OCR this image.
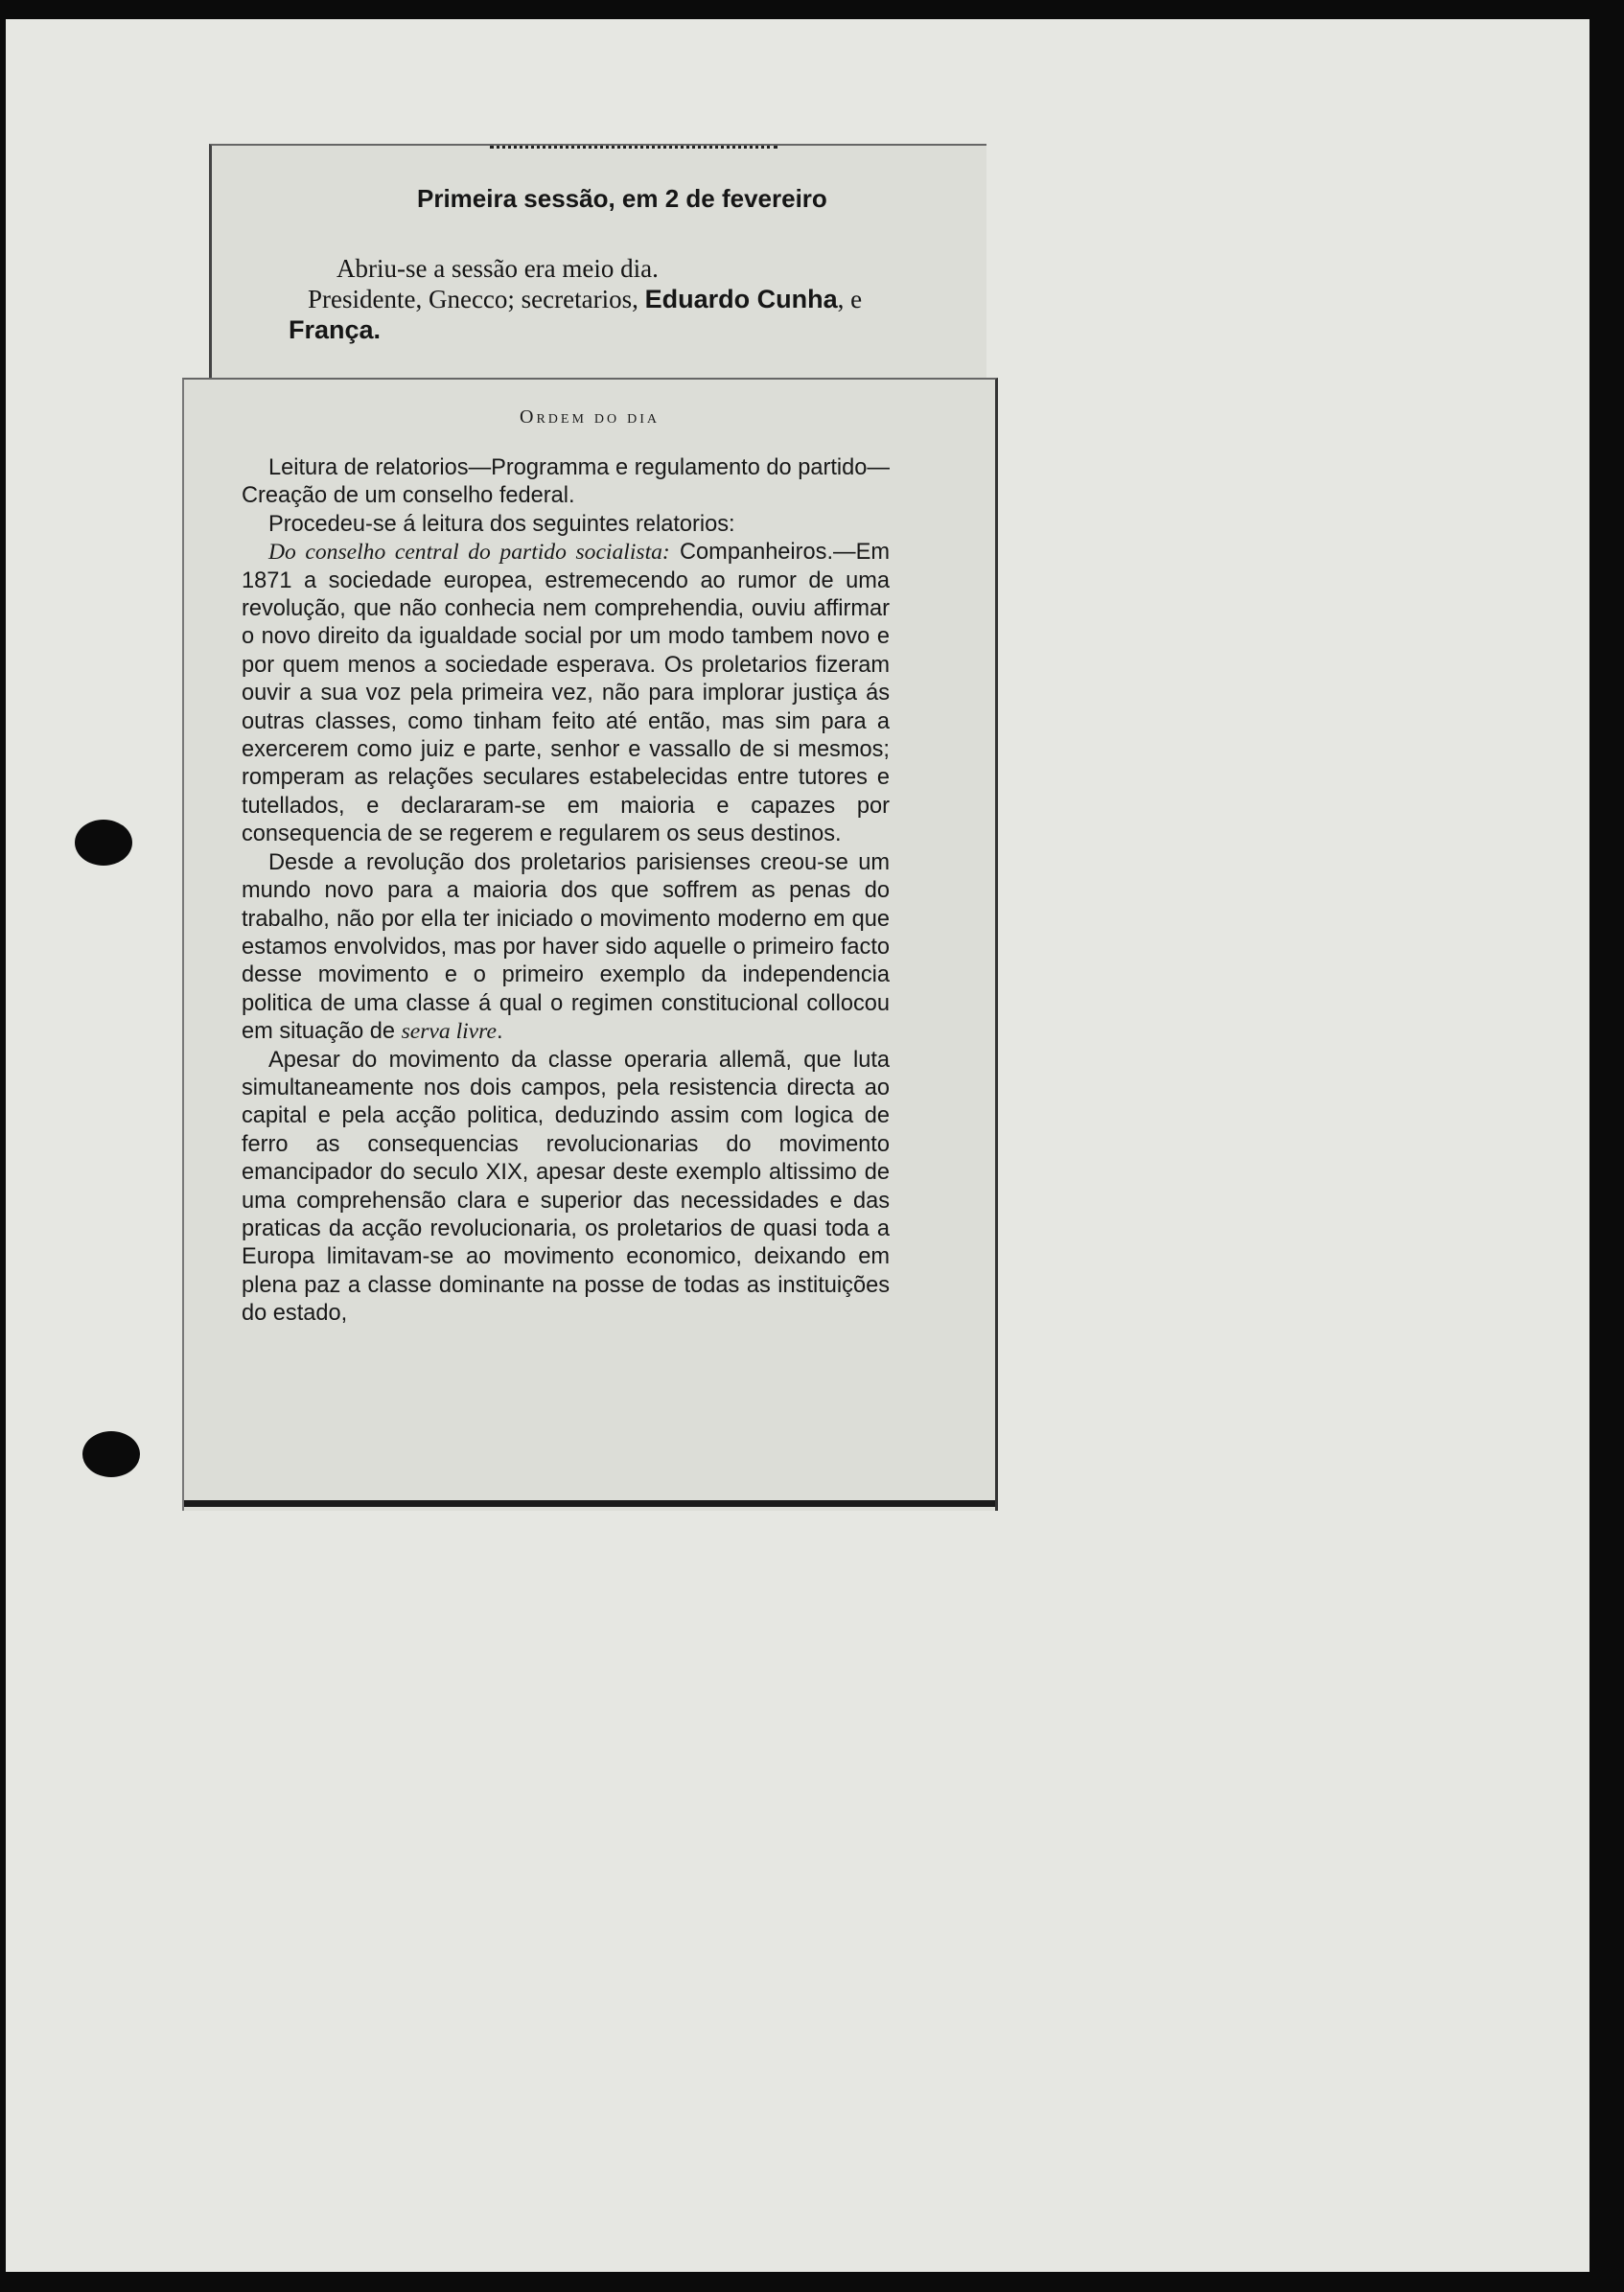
Primeira sessão, em 2 de fevereiro
Abriu-se a sessão era meio dia.
Presidente, Gnecco; secretarios, Eduardo Cunha, e
França.
Ordem do dia

Leitura de relatorios—Programma e regulamento do partido—Creação de um conselho federal.

Procedeu-se á leitura dos seguintes relatorios:

Do conselho central do partido socialista: Companheiros.—Em 1871 a sociedade europea, estremecendo ao rumor de uma revolução, que não conhecia nem comprehendia, ouviu affirmar o novo direito da igualdade social por um modo tambem novo e por quem menos a sociedade esperava. Os proletarios fizeram ouvir a sua voz pela primeira vez, não para implorar justiça ás outras classes, como tinham feito até então, mas sim para a exercerem como juiz e parte, senhor e vassallo de si mesmos; romperam as relações seculares estabelecidas entre tutores e tutellados, e declararam-se em maioria e capazes por consequencia de se regerem e regularem os seus destinos.

Desde a revolução dos proletarios parisienses creou-se um mundo novo para a maioria dos que soffrem as penas do trabalho, não por ella ter iniciado o movimento moderno em que estamos envolvidos, mas por haver sido aquelle o primeiro facto desse movimento e o primeiro exemplo da independencia politica de uma classe á qual o regimen constitucional collocou em situação de serva livre.

Apesar do movimento da classe operaria allemã, que luta simultaneamente nos dois campos, pela resistencia directa ao capital e pela acção politica, deduzindo assim com logica de ferro as consequencias revolucionarias do movimento emancipador do seculo XIX, apesar deste exemplo altissimo de uma comprehensão clara e superior das necessidades e das praticas da acção revolucionaria, os proletarios de quasi toda a Europa limitavam-se ao movimento economico, deixando em plena paz a classe dominante na posse de todas as instituições do estado,
